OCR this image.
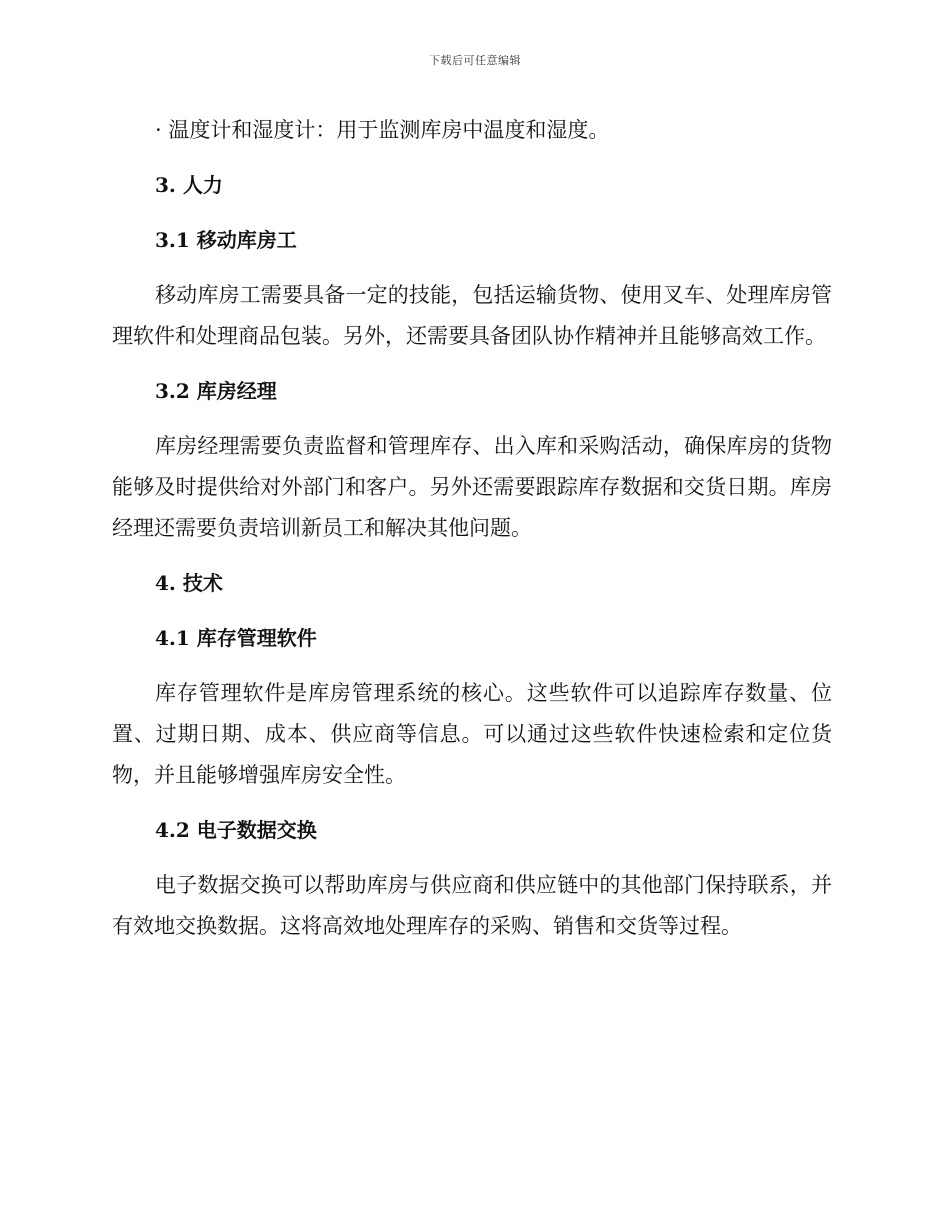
下载后可任意编辑
· 温度计和湿度计：用于监测库房中温度和湿度。
3. 人力
3.1 移动库房工
移动库房工需要具备一定的技能，包括运输货物、使用叉车、处理库房管理软件和处理商品包装。另外，还需要具备团队协作精神并且能够高效工作。
3.2 库房经理
库房经理需要负责监督和管理库存、出入库和采购活动，确保库房的货物能够及时提供给对外部门和客户。另外还需要跟踪库存数据和交货日期。库房经理还需要负责培训新员工和解决其他问题。
4. 技术
4.1 库存管理软件
库存管理软件是库房管理系统的核心。这些软件可以追踪库存数量、位置、过期日期、成本、供应商等信息。可以通过这些软件快速检索和定位货物，并且能够增强库房安全性。
4.2 电子数据交换
电子数据交换可以帮助库房与供应商和供应链中的其他部门保持联系，并有效地交换数据。这将高效地处理库存的采购、销售和交货等过程。
